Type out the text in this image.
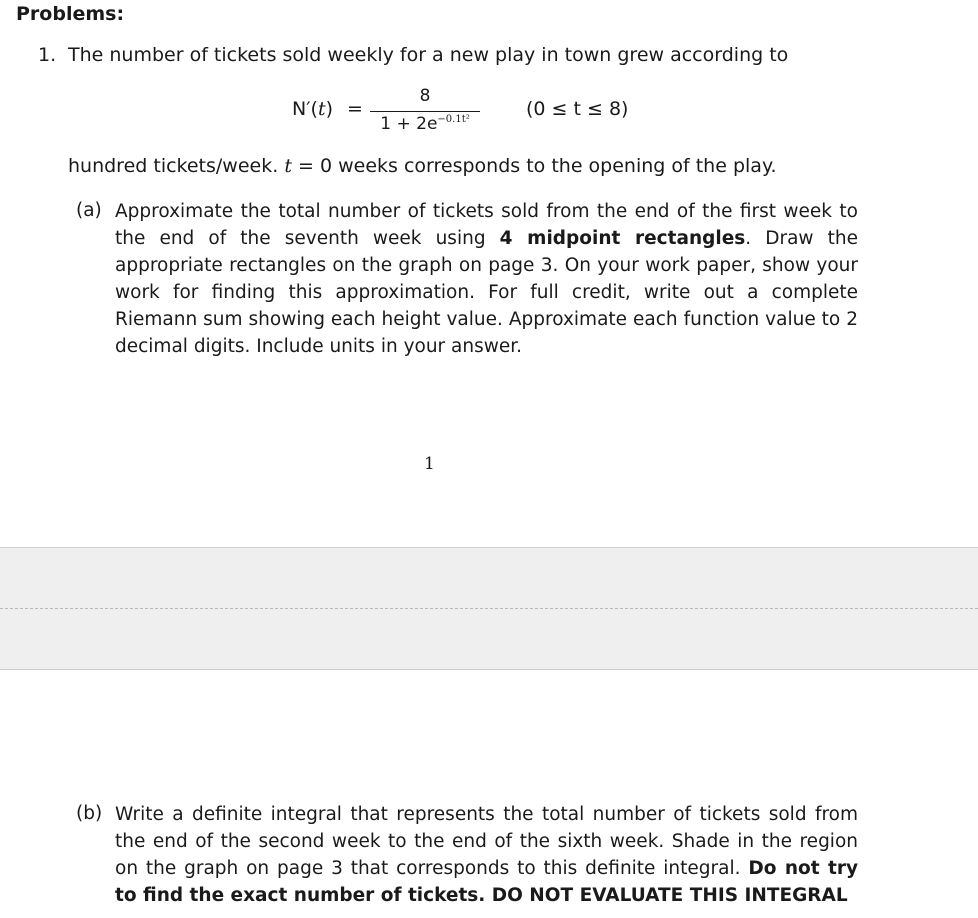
Problems:

1. The number of tickets sold weekly for a new play in town grew according to
N′(t) =
8
$1 + 2e^{-0.1t^2}$	(0 ≤ t ≤ 8)

hundred tickets/week. t = 0 weeks corresponds to the opening of the play.

(a) Approximate the total number of tickets sold from the end of the first week to the end of the seventh week using 4 midpoint rectangles. Draw the appropriate rectangles on the graph on page 3. On your work paper, show your work for finding this approximation. For full credit, write out a complete Riemann sum showing each height value. Approximate each function value to 2 decimal digits. Include units in your answer.

1
(b) Write a definite integral that represents the total number of tickets sold from the end of the second week to the end of the sixth week. Shade in the region on the graph on page 3 that corresponds to this definite integral. Do not try to find the exact number of tickets. DO NOT EVALUATE THIS INTEGRAL
